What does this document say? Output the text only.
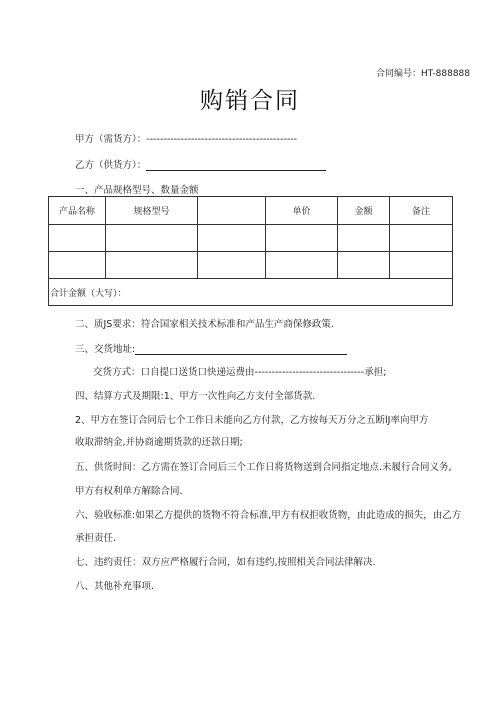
合同编号：HT-888888
购销合同
甲方（需货方）：--------------------------------------------
乙方（供货方）：
一、产品规格型号、数量金额
产品名称	规格型号		单价	金额	备注

合计金额（大写）：					
二、质JS要求：符合国家相关技术标准和产品生产商保修政策.
三、交货地址:
交货方式：口自提口送货口快递运费由--------------------------------承担;
四、结算方式及期限:1、甲方一次性向乙方支付全部货款.
2、甲方在签订合同后七个工作日未能向乙方付款，乙方按每天万分之五断lJ率向甲方
收取滞纳金,并协商逾期货款的还款日期;
五、供货时间：乙方需在签订合同后三个工作日将货物送到合同指定地点.未履行合同义务,
甲方有权利单方解除合同.
六、验收标准:如果乙方提供的货物不符合标准,甲方有权拒收货物，由此造成的损失，由乙方
承担责任.
七、违约责任：双方应严格履行合同，如有违约,按照相关合同法律解决.
八、其他补充事项.
